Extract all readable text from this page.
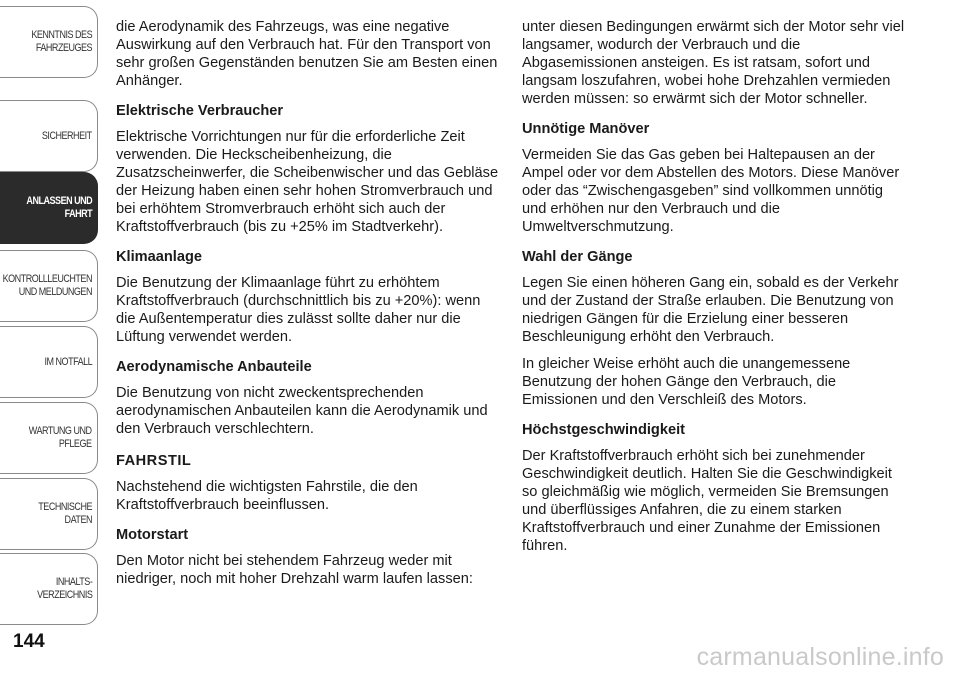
KENNTNIS DES
FAHRZEUGES
SICHERHEIT
ANLASSEN UND
FAHRT
KONTROLLLEUCHTEN
UND MELDUNGEN
IM NOTFALL
WARTUNG UND
PFLEGE
TECHNISCHE DATEN
INHALTS-
VERZEICHNIS
144

die Aerodynamik des Fahrzeugs, was eine negative Auswirkung auf den Verbrauch hat. Für den Transport von sehr großen Gegenständen benutzen Sie am Besten einen Anhänger.

Elektrische Verbraucher

Elektrische Vorrichtungen nur für die erforderliche Zeit verwenden. Die Heckscheibenheizung, die Zusatzscheinwerfer, die Scheibenwischer und das Gebläse der Heizung haben einen sehr hohen Stromverbrauch und bei erhöhtem Stromverbrauch erhöht sich auch der Kraftstoffverbrauch (bis zu +25% im Stadtverkehr).

Klimaanlage

Die Benutzung der Klimaanlage führt zu erhöhtem Kraftstoffverbrauch (durchschnittlich bis zu +20%): wenn die Außentemperatur dies zulässt sollte daher nur die Lüftung verwendet werden.

Aerodynamische Anbauteile

Die Benutzung von nicht zweckentsprechenden aerodynamischen Anbauteilen kann die Aerodynamik und den Verbrauch verschlechtern.

FAHRSTIL

Nachstehend die wichtigsten Fahrstile, die den Kraftstoffverbrauch beeinflussen.

Motorstart

Den Motor nicht bei stehendem Fahrzeug weder mit niedriger, noch mit hoher Drehzahl warm laufen lassen:

unter diesen Bedingungen erwärmt sich der Motor sehr viel langsamer, wodurch der Verbrauch und die Abgasemissionen ansteigen. Es ist ratsam, sofort und langsam loszufahren, wobei hohe Drehzahlen vermieden werden müssen: so erwärmt sich der Motor schneller.

Unnötige Manöver

Vermeiden Sie das Gas geben bei Haltepausen an der Ampel oder vor dem Abstellen des Motors. Diese Manöver oder das “Zwischengasgeben” sind vollkommen unnötig und erhöhen nur den Verbrauch und die Umweltverschmutzung.

Wahl der Gänge

Legen Sie einen höheren Gang ein, sobald es der Verkehr und der Zustand der Straße erlauben. Die Benutzung von niedrigen Gängen für die Erzielung einer besseren Beschleunigung erhöht den Verbrauch.

In gleicher Weise erhöht auch die unangemessene Benutzung der hohen Gänge den Verbrauch, die Emissionen und den Verschleiß des Motors.

Höchstgeschwindigkeit

Der Kraftstoffverbrauch erhöht sich bei zunehmender Geschwindigkeit deutlich. Halten Sie die Geschwindigkeit so gleichmäßig wie möglich, vermeiden Sie Bremsungen und überflüssiges Anfahren, die zu einem starken Kraftstoffverbrauch und einer Zunahme der Emissionen führen.

carmanualsonline.info
